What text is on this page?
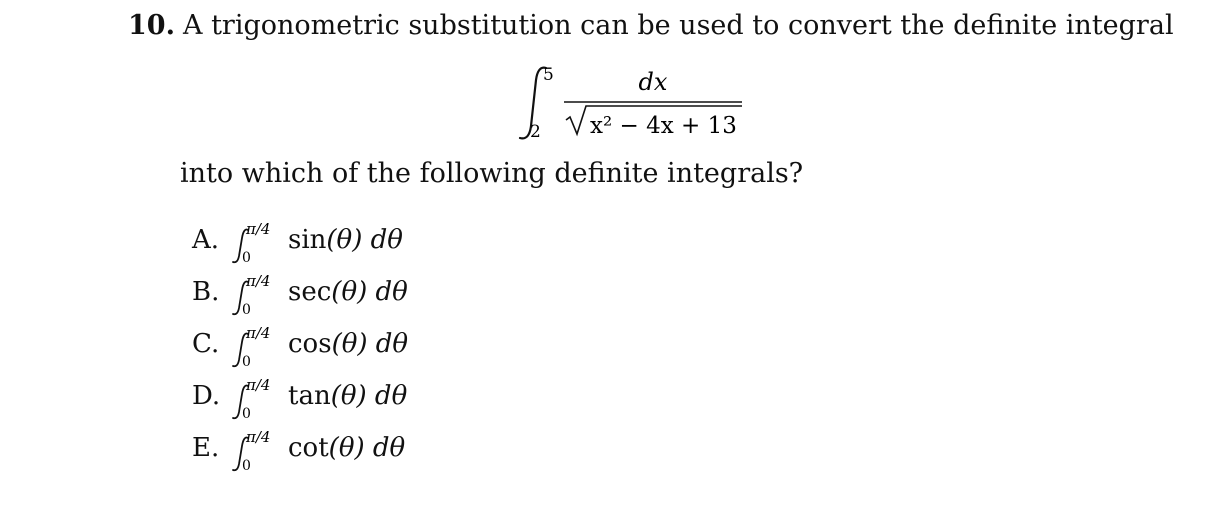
10. A trigonometric substitution can be used to convert the definite integral
5
2
dx
x² − 4x + 13
into which of the following definite integrals?
A. π/4
0
sin(θ) dθ
B. π/4
0
sec(θ) dθ
C. π/4
0
cos(θ) dθ
D. π/4
0
tan(θ) dθ
E. π/4
0
cot(θ) dθ
